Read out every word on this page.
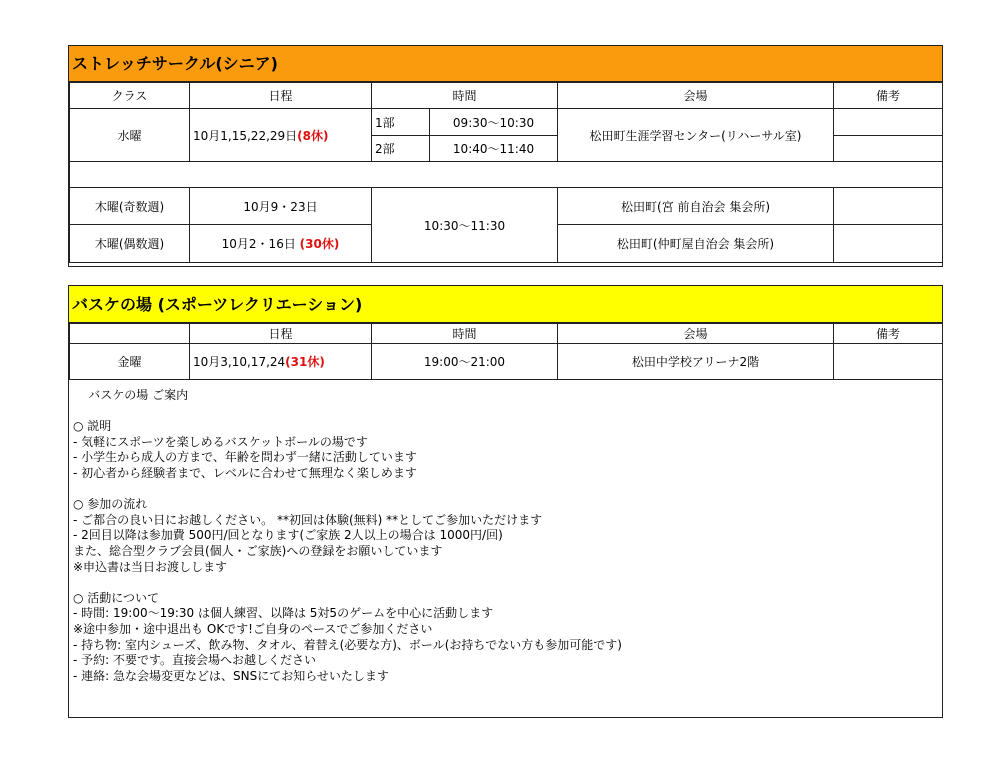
ストレッチサークル(シニア)
クラス	日程	時間		会場	備考
水曜	10月1,15,22,29日(8休)	1部	09:30〜10:30	松田町生涯学習センター(リハーサル室)	
		2部	10:40〜11:40		

木曜(奇数週)	10月9・23日	10:30〜11:30		松田町(宮 前自治会 集会所)	
木曜(偶数週)	10月2・16日 (30休)			松田町(仲町屋自治会 集会所)	
バスケの場 (スポーツレクリエーション)
	日程	時間	会場	備考
金曜	10月3,10,17,24(31休)	19:00〜21:00	松田中学校アリーナ2階	
バスケの場 ご案内
○ 説明
- 気軽にスポーツを楽しめるバスケットボールの場です
- 小学生から成人の方まで、年齢を問わず一緒に活動しています
- 初心者から経験者まで、レベルに合わせて無理なく楽しめます
○ 参加の流れ
- ご都合の良い日にお越しください。 **初回は体験(無料) **としてご参加いただけます
- 2回目以降は参加費 500円/回となります(ご家族 2人以上の場合は 1000円/回)
また、総合型クラブ会員(個人・ご家族)への登録をお願いしています
※申込書は当日お渡しします
○ 活動について
- 時間: 19:00〜19:30 は個人練習、以降は 5対5のゲームを中心に活動します
※途中参加・途中退出も OKです!ご自身のペースでご参加ください
- 持ち物: 室内シューズ、飲み物、タオル、着替え(必要な方)、ボール(お持ちでない方も参加可能です)
- 予約: 不要です。直接会場へお越しください
- 連絡: 急な会場変更などは、SNSにてお知らせいたします
